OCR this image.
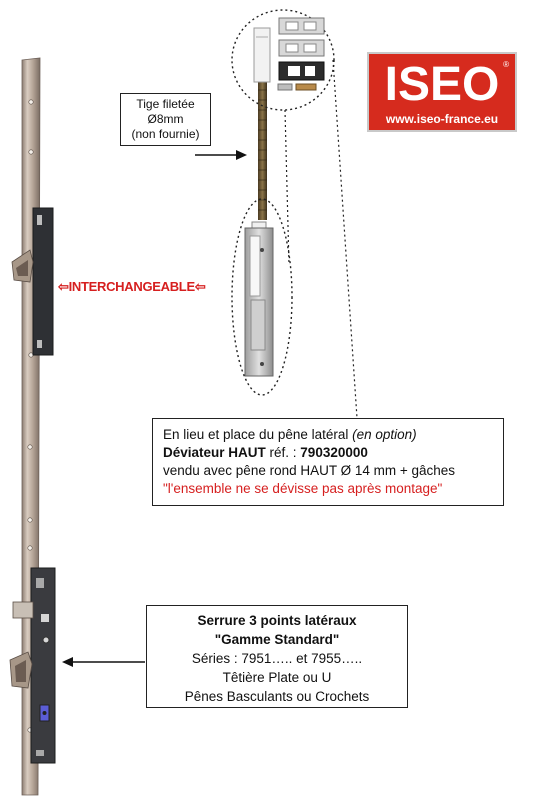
ISEO ®
www.iseo-france.eu
Tige filetée
Ø8mm
(non fournie)
⇦INTERCHANGEABLE⇦
En lieu et place du pêne latéral (en option)
Déviateur HAUT réf. : 790320000
vendu avec pêne rond HAUT Ø 14 mm + gâches
"l'ensemble ne se dévisse pas après montage"
Serrure 3 points latéraux
"Gamme Standard"
Séries : 7951….. et 7955…..
Têtière Plate ou U
Pênes Basculants ou Crochets
